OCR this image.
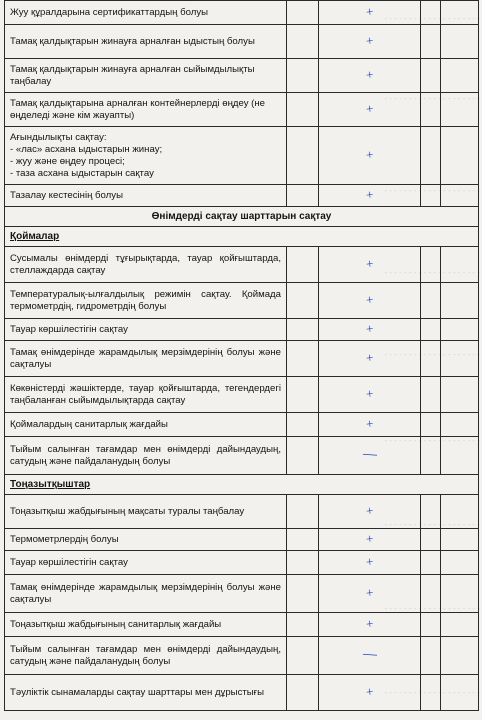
- - - - - - - - - - - - - - - - - - - -
- - - - - - - - - - - - - - - - - - - -
- - - - - - - - - - - - - - - - - - - -
- - - - - - - - - - - - - - - - - - - -
- - - - - - - - - - - - - - - - - - - -
- - - - - - - - - - - - - - - - - - - -
- - - - - - - - - - - - - - - - - - - -
- - - - - - - - - - - - - - - - - - - -
- - - - - - - - - - - - - - - - - - - -
Жуу құралдарына сертификаттардың болуы		+		
Тамақ қалдықтарын жинауға арналған ыдыстың болуы		+		
Тамақ қалдықтарын жинауға арналған сыйымдылықты таңбалау		+		
Тамақ қалдықтарына арналған контейнерлерді өңдеу (не өңделеді және кім жауапты)		+		
Ағындылықты сақтау:
- «лас» асхана ыдыстарын жинау;
- жуу және өңдеу процесі;
- таза асхана ыдыстарын сақтау		+		
Тазалау кестесінің болуы		+		
Өнімдерді сақтау шарттарын сақтау				
Қоймалар				
Сусымалы өнімдерді тұғырықтарда, тауар қойғыштарда, стеллаждарда сақтау		+		
Температуралық-ылғалдылық режимін сақтау. Қоймада термометрдің, гидрометрдің болуы		+		
Тауар көршілестігін сақтау		+		
Тамақ өнімдерінде жарамдылық мерзімдерінің болуы және сақталуы		+		
Көкөністерді жәшіктерде, тауар қойғыштарда, тегендердегі таңбаланған сыйымдылықтарда сақтау		+		
Қоймалардың санитарлық жағдайы		+		
Тыйым салынған тағамдар мен өнімдерді дайындаудың, сатудың және пайдаланудың болуы		—		
Тоңазытқыштар				
Тоңазытқыш жабдығының мақсаты туралы таңбалау		+		
Термометрлердің болуы		+		
Тауар көршілестігін сақтау		+		
Тамақ өнімдерінде жарамдылық мерзімдерінің болуы және сақталуы		+		
Тоңазытқыш жабдығының санитарлық жағдайы		+		
Тыйым салынған тағамдар мен өнімдерді дайындаудың, сатудың және пайдаланудың болуы		—		
Тәуліктік сынамаларды сақтау шарттары мен дұрыстығы		+		
